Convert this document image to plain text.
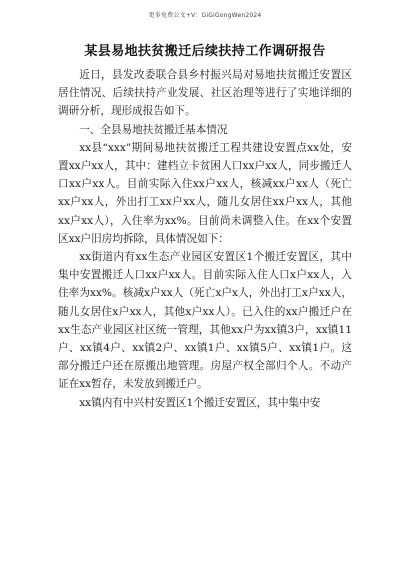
更多免费公文+V：GiGiGongWen2024
某县易地扶贫搬迁后续扶持工作调研报告

近日，县发改委联合县乡村振兴局对易地扶贫搬迁安置区居住情况、后续扶持产业发展、社区治理等进行了实地详细的调研分析，现形成报告如下。

一、全县易地扶贫搬迁基本情况

xx县“xxx”期间易地扶贫搬迁工程共建设安置点xx处，安置xx户xx人，其中：建档立卡贫困人口xx户xx人，同步搬迁人口xx户xx人。目前实际入住xx户xx人，核减xx户xx人（死亡xx户xx人，外出打工xx户xx人，随儿女居住xx户xx人，其他xx户xx人），入住率为xx%。目前尚未调整入住。在xx个安置区xx户旧房均拆除，具体情况如下：

xx街道内有xx生态产业园区安置区1个搬迁安置区，其中集中安置搬迁人口xx户xx人。目前实际入住人口x户xx人，入住率为xx%。核减x户xx人（死亡x户x人，外出打工x户xx人，随儿女居住x户xx人，其他x户xx人）。已入住的xx户搬迁户在xx生态产业园区社区统一管理，其他xx户为xx镇3户，xx镇11户、xx镇4户、xx镇2户、xx镇1户、xx镇5户、xx镇1户。这部分搬迁户还在原搬出地管理。房屋产权全部归个人。不动产证在xx暂存，未发放到搬迁户。

xx镇内有中兴村安置区1个搬迁安置区，其中集中安
